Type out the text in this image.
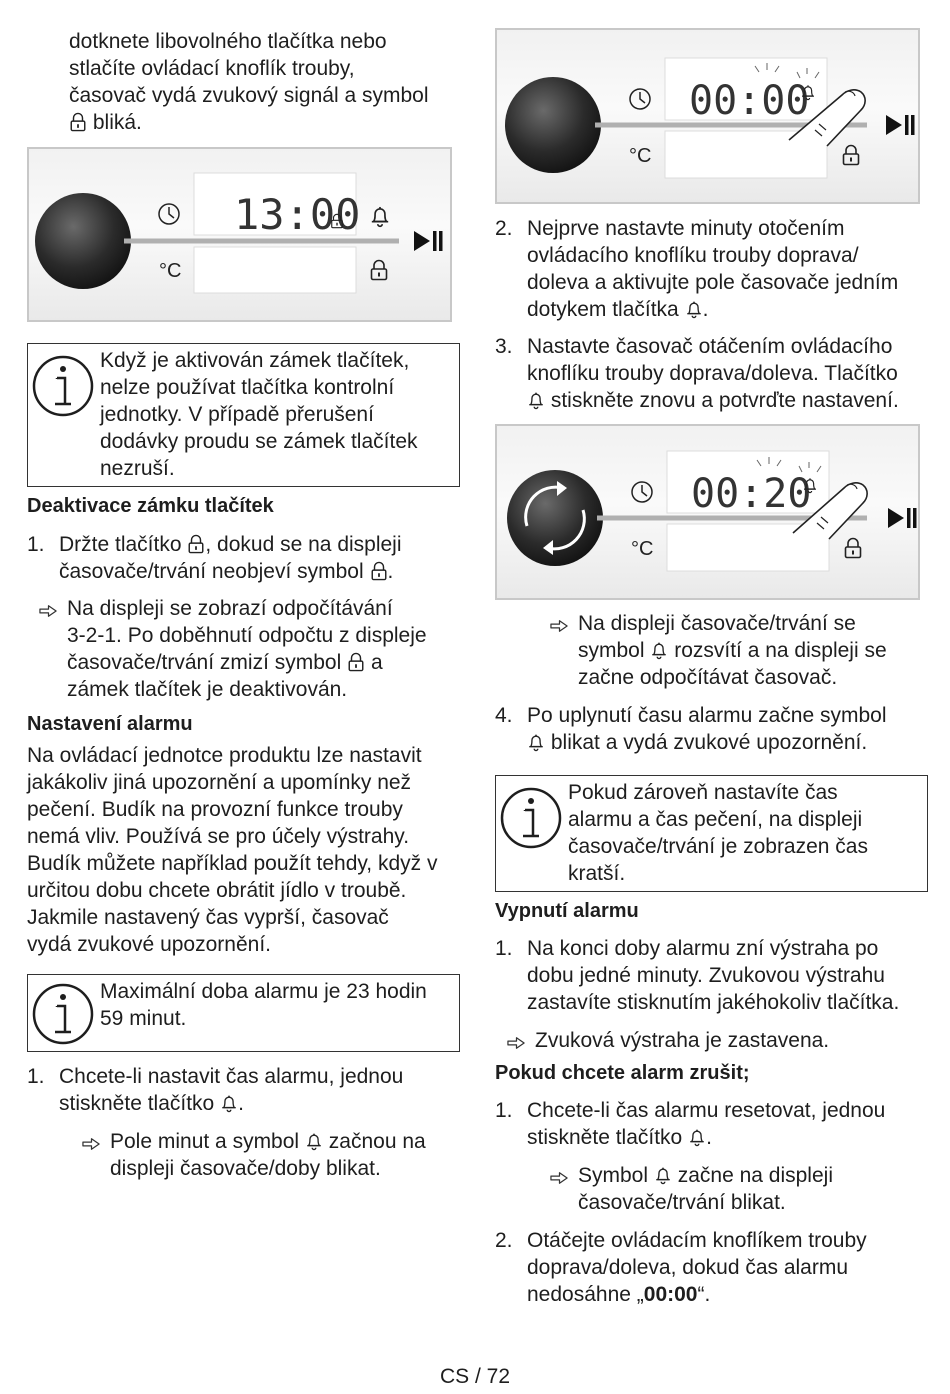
dotknete libovolného tlačítka nebo

stlačíte ovládací knoflík trouby,

časovač vydá zvukový signál a symbol

bliká.

°C
13:00

Když je aktivován zámek tlačítek,

nelze používat tlačítka kontrolní

jednotky. V případě přerušení

dodávky proudu se zámek tlačítek

nezruší.

Deaktivace zámku tlačítek

1. Držte tlačítko , dokud se na displeji

časovače/trvání neobjeví symbol .

Na displeji se zobrazí odpočítávání

3-2-1. Po doběhnutí odpočtu z displeje

časovače/trvání zmizí symbol a

zámek tlačítek je deaktivován.

Nastavení alarmu

Na ovládací jednotce produktu lze nastavit

jakákoliv jiná upozornění a upomínky než

pečení. Budík na provozní funkce trouby

nemá vliv. Používá se pro účely výstrahy.

Budík můžete například použít tehdy, když v

určitou dobu chcete obrátit jídlo v troubě.

Jakmile nastavený čas vyprší, časovač

vydá zvukové upozornění.

Maximální doba alarmu je 23 hodin

59 minut.

1. Chcete-li nastavit čas alarmu, jednou

stiskněte tlačítko .

Pole minut a symbol začnou na

displeji časovače/doby blikat.

°C
00:00
2. Nejprve nastavte minuty otočením

ovládacího knoflíku trouby doprava/

doleva a aktivujte pole časovače jedním

dotykem tlačítka .

3. Nastavte časovač otáčením ovládacího

knoflíku trouby doprava/doleva. Tlačítko

stiskněte znovu a potvrďte nastavení.

°C
00:20

Na displeji časovače/trvání se

symbol rozsvítí a na displeji se

začne odpočítávat časovač.

4. Po uplynutí času alarmu začne symbol

blikat a vydá zvukové upozornění.

Pokud zároveň nastavíte čas

alarmu a čas pečení, na displeji

časovače/trvání je zobrazen čas

kratší.

Vypnutí alarmu

1. Na konci doby alarmu zní výstraha po

dobu jedné minuty. Zvukovou výstrahu

zastavíte stisknutím jakéhokoliv tlačítka.

Zvuková výstraha je zastavena.

Pokud chcete alarm zrušit;

1. Chcete-li čas alarmu resetovat, jednou

stiskněte tlačítko .

Symbol začne na displeji

časovače/trvání blikat.

2. Otáčejte ovládacím knoflíkem trouby

doprava/doleva, dokud čas alarmu

nedosáhne „00:00“.

CS / 72
